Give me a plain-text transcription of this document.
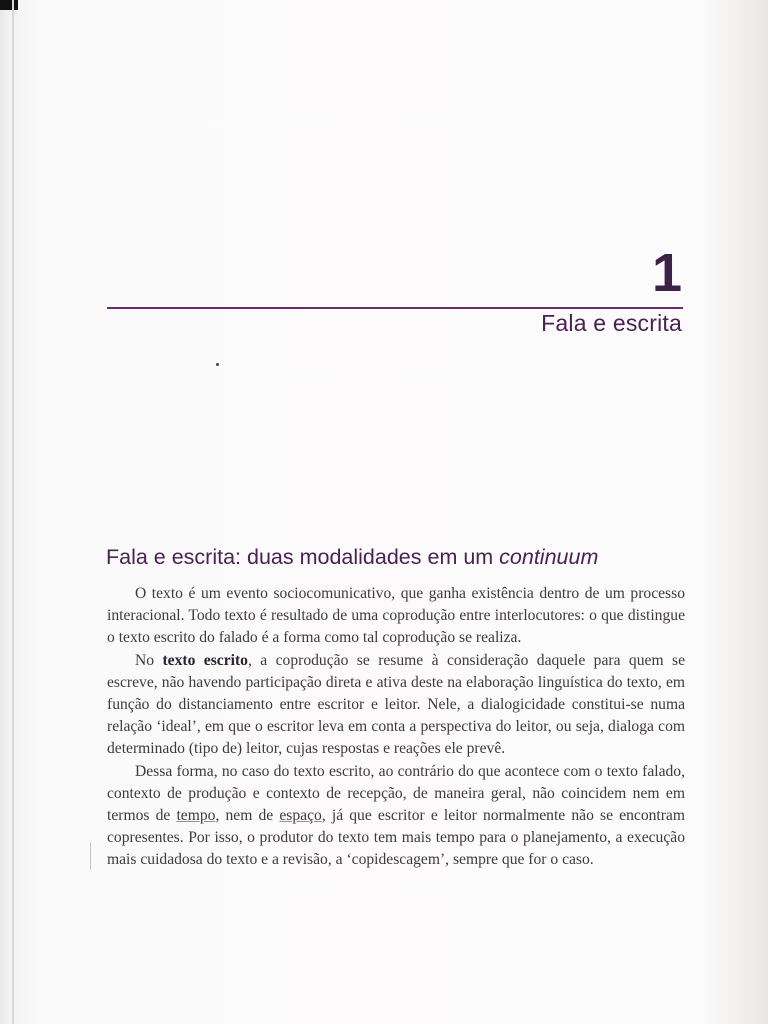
1
Fala e escrita
Fala e escrita: duas modalidades em um continuum

O texto é um evento sociocomunicativo, que ganha existência dentro de um processo interacional. Todo texto é resultado de uma coprodução entre interlocutores: o que distingue o texto escrito do falado é a forma como tal coprodução se realiza.

No texto escrito, a coprodução se resume à consideração daquele para quem se escreve, não havendo participação direta e ativa deste na elaboração linguística do texto, em função do distanciamento entre escritor e leitor. Nele, a dialogicidade constitui-se numa relação ‘ideal’, em que o escritor leva em conta a perspectiva do leitor, ou seja, dialoga com determinado (tipo de) leitor, cujas respostas e reações ele prevê.

Dessa forma, no caso do texto escrito, ao contrário do que acontece com o texto falado, contexto de produção e contexto de recepção, de maneira geral, não coincidem nem em termos de tempo, nem de espaço, já que escritor e leitor normalmente não se encontram copresentes. Por isso, o produtor do texto tem mais tempo para o planejamento, a execução mais cuidadosa do texto e a revisão, a ‘copidescagem’, sempre que for o caso.
